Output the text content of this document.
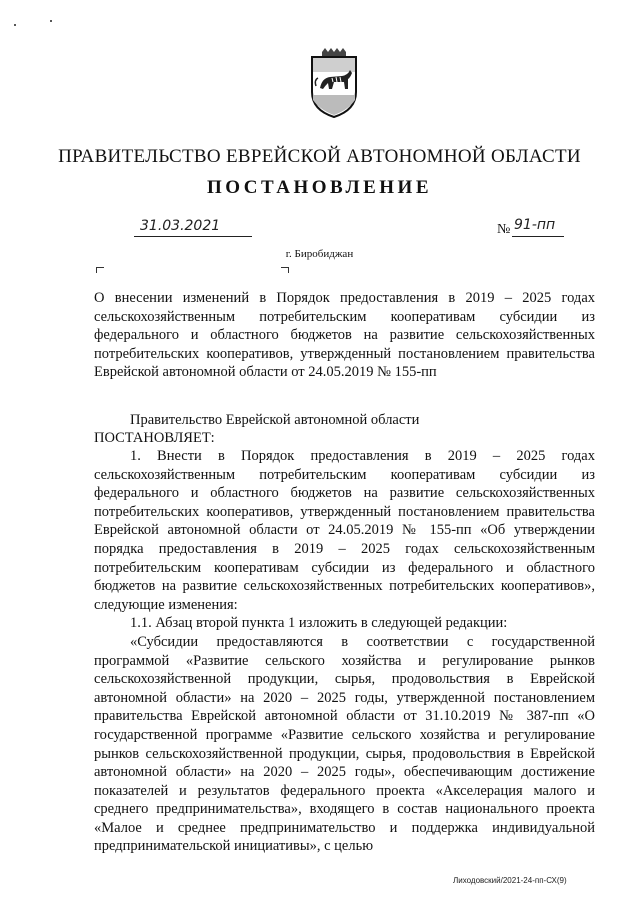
ПРАВИТЕЛЬСТВО ЕВРЕЙСКОЙ АВТОНОМНОЙ ОБЛАСТИ
ПОСТАНОВЛЕНИЕ
31.03.2021	№ 91-пп
г. Биробиджан
О внесении изменений в Порядок предоставления в 2019 – 2025 годах сельскохозяйственным потребительским кооперативам субсидии из федерального и областного бюджетов на развитие сельскохозяйственных потребительских кооперативов, утвержденный постановлением правительства Еврейской автономной области от 24.05.2019 № 155-пп
Правительство Еврейской автономной области
ПОСТАНОВЛЯЕТ:
1. Внести в Порядок предоставления в 2019 – 2025 годах сельскохозяйственным потребительским кооперативам субсидии из федерального и областного бюджетов на развитие сельскохозяйственных потребительских кооперативов, утвержденный постановлением правительства Еврейской автономной области от 24.05.2019 № 155-пп «Об утверждении порядка предоставления в 2019 – 2025 годах сельскохозяйственным потребительским кооперативам субсидии из федерального и областного бюджетов на развитие сельскохозяйственных потребительских кооперативов», следующие изменения:
1.1. Абзац второй пункта 1 изложить в следующей редакции:
«Субсидии предоставляются в соответствии с государственной программой «Развитие сельского хозяйства и регулирование рынков сельскохозяйственной продукции, сырья, продовольствия в Еврейской автономной области» на 2020 – 2025 годы, утвержденной постановлением правительства Еврейской автономной области от 31.10.2019 № 387-пп «О государственной программе «Развитие сельского хозяйства и регулирование рынков сельскохозяйственной продукции, сырья, продовольствия в Еврейской автономной области» на 2020 – 2025 годы», обеспечивающим достижение показателей и результатов федерального проекта «Акселерация малого и среднего предпринимательства», входящего в состав национального проекта «Малое и среднее предпринимательство и поддержка индивидуальной предпринимательской инициативы», с целью
Лиходовский/2021-24-пп-СХ(9)
